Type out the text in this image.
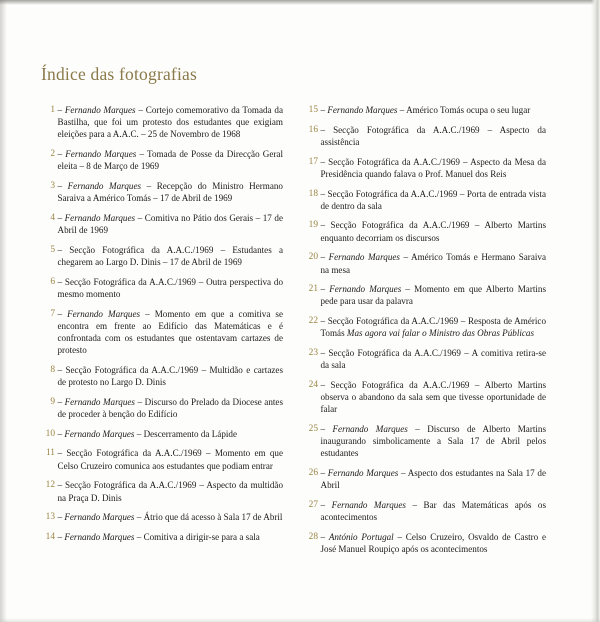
Índice das fotografias
1 – Fernando Marques – Cortejo comemorativo da Tomada da Bastilha, que foi um protesto dos estudantes que exigiam eleições para a A.A.C. – 25 de Novembro de 1968
2 – Fernando Marques – Tomada de Posse da Direcção Geral eleita – 8 de Março de 1969
3 – Fernando Marques – Recepção do Ministro Hermano Saraiva a Américo Tomás – 17 de Abril de 1969
4 – Fernando Marques – Comitiva no Pátio dos Gerais – 17 de Abril de 1969
5 – Secção Fotográfica da A.A.C./1969 – Estudantes a chegarem ao Largo D. Dinis – 17 de Abril de 1969
6 – Secção Fotográfica da A.A.C./1969 – Outra perspectiva do mesmo momento
7 – Fernando Marques – Momento em que a comitiva se encontra em frente ao Edifício das Matemáticas e é confrontada com os estudantes que ostentavam cartazes de protesto
8 – Secção Fotográfica da A.A.C./1969 – Multidão e cartazes de protesto no Largo D. Dinis
9 – Fernando Marques – Discurso do Prelado da Diocese antes de proceder à benção do Edifício
10 – Fernando Marques – Descerramento da Lápide
11 – Secção Fotográfica da A.A.C./1969 – Momento em que Celso Cruzeiro comunica aos estudantes que podiam entrar
12 – Secção Fotográfica da A.A.C./1969 – Aspecto da multidão na Praça D. Dinis
13 – Fernando Marques – Átrio que dá acesso à Sala 17 de Abril
14 – Fernando Marques – Comitiva a dirigir-se para a sala
15 – Fernando Marques – Américo Tomás ocupa o seu lugar
16 – Secção Fotográfica da A.A.C./1969 – Aspecto da assistência
17 – Secção Fotográfica da A.A.C./1969 – Aspecto da Mesa da Presidência quando falava o Prof. Manuel dos Reis
18 – Secção Fotográfica da A.A.C./1969 – Porta de entrada vista de dentro da sala
19 – Secção Fotográfica da A.A.C./1969 – Alberto Martins enquanto decorriam os discursos
20 – Fernando Marques – Américo Tomás e Hermano Saraiva na mesa
21 – Fernando Marques – Momento em que Alberto Martins pede para usar da palavra
22 – Secção Fotográfica da A.A.C./1969 – Resposta de Américo Tomás Mas agora vai falar o Ministro das Obras Públicas
23 – Secção Fotográfica da A.A.C./1969 – A comitiva retira-se da sala
24 – Secção Fotográfica da A.A.C./1969 – Alberto Martins observa o abandono da sala sem que tivesse oportunidade de falar
25 – Fernando Marques – Discurso de Alberto Martins inaugurando simbolicamente a Sala 17 de Abril pelos estudantes
26 – Fernando Marques – Aspecto dos estudantes na Sala 17 de Abril
27 – Fernando Marques – Bar das Matemáticas após os acontecimentos
28 – António Portugal – Celso Cruzeiro, Osvaldo de Castro e José Manuel Roupiço após os acontecimentos
